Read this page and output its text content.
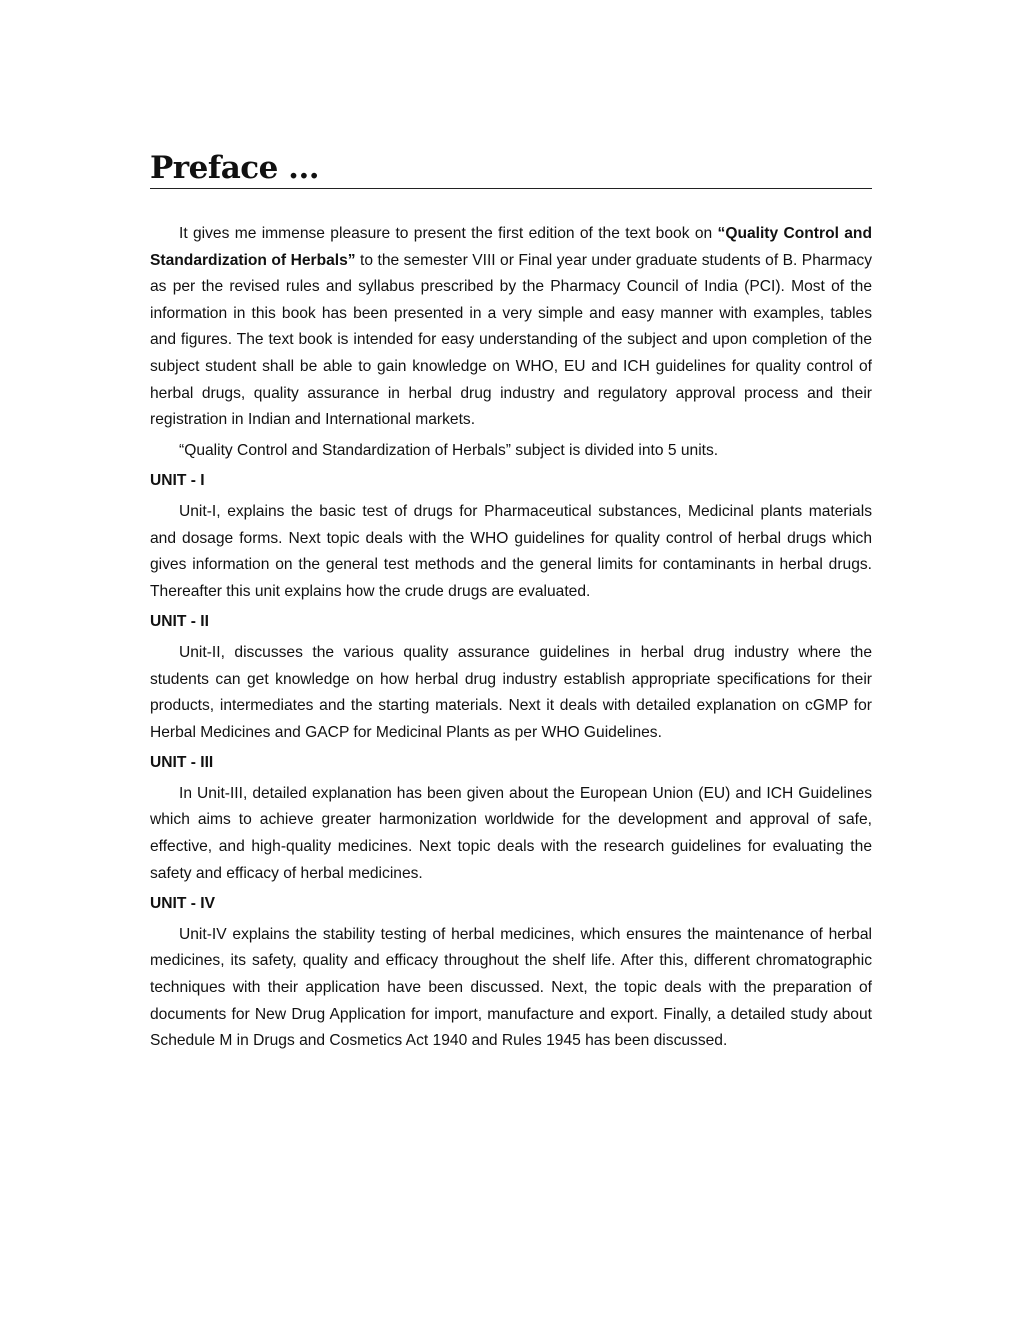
Preface ...

It gives me immense pleasure to present the first edition of the text book on “Quality Control and Standardization of Herbals” to the semester VIII or Final year under graduate students of B. Pharmacy as per the revised rules and syllabus prescribed by the Pharmacy Council of India (PCI). Most of the information in this book has been presented in a very simple and easy manner with examples, tables and figures. The text book is intended for easy understanding of the subject and upon completion of the subject student shall be able to gain knowledge on WHO, EU and ICH guidelines for quality control of herbal drugs, quality assurance in herbal drug industry and regulatory approval process and their registration in Indian and International markets.

“Quality Control and Standardization of Herbals” subject is divided into 5 units.

UNIT - I

Unit-I, explains the basic test of drugs for Pharmaceutical substances, Medicinal plants materials and dosage forms. Next topic deals with the WHO guidelines for quality control of herbal drugs which gives information on the general test methods and the general limits for contaminants in herbal drugs. Thereafter this unit explains how the crude drugs are evaluated.

UNIT - II

Unit-II, discusses the various quality assurance guidelines in herbal drug industry where the students can get knowledge on how herbal drug industry establish appropriate specifications for their products, intermediates and the starting materials. Next it deals with detailed explanation on cGMP for Herbal Medicines and GACP for Medicinal Plants as per WHO Guidelines.

UNIT - III

In Unit-III, detailed explanation has been given about the European Union (EU) and ICH Guidelines which aims to achieve greater harmonization worldwide for the development and approval of safe, effective, and high-quality medicines. Next topic deals with the research guidelines for evaluating the safety and efficacy of herbal medicines.

UNIT - IV

Unit-IV explains the stability testing of herbal medicines, which ensures the maintenance of herbal medicines, its safety, quality and efficacy throughout the shelf life. After this, different chromatographic techniques with their application have been discussed. Next, the topic deals with the preparation of documents for New Drug Application for import, manufacture and export. Finally, a detailed study about Schedule M in Drugs and Cosmetics Act 1940 and Rules 1945 has been discussed.
